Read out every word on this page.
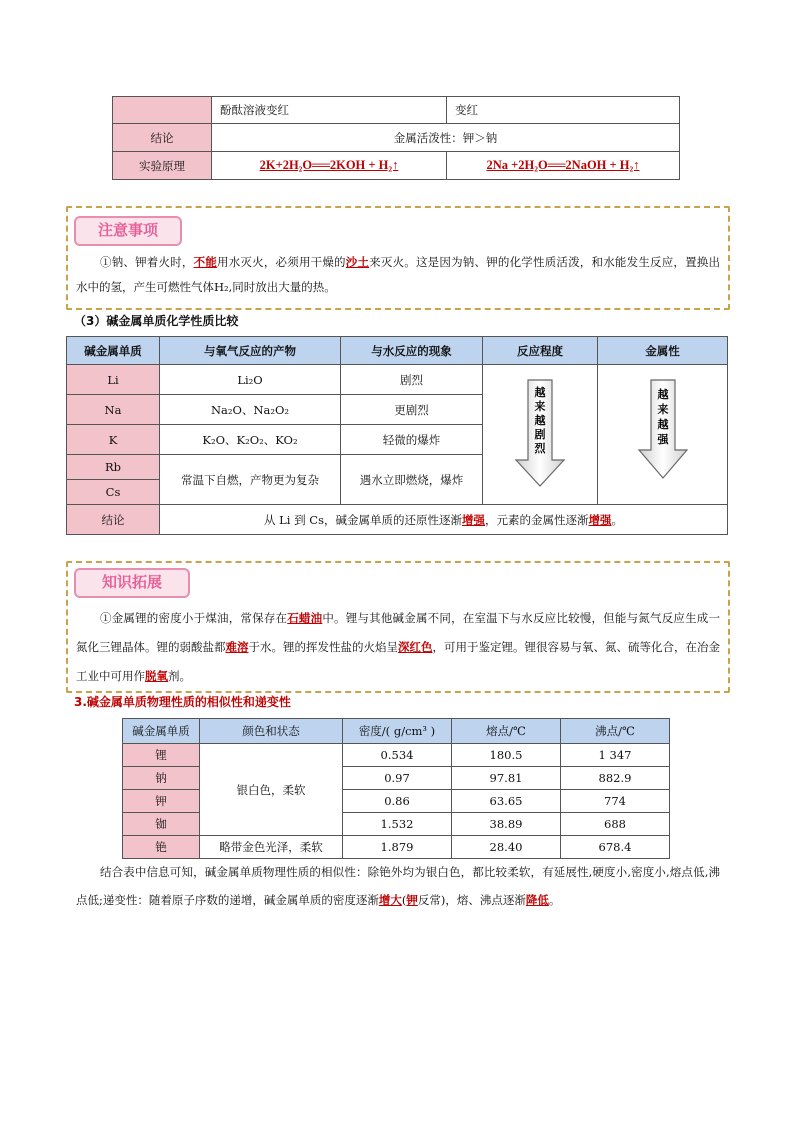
	酚酞溶液变红	变红
结论	金属活泼性：钾＞钠	
实验原理	2K+2H₂O══2KOH + H₂↑	2Na +2H₂O══2NaOH + H₂↑
注意事项
①钠、钾着火时，不能用水灭火，必须用干燥的沙土来灭火。这是因为钠、钾的化学性质活泼，和水能发生反应，置换出水中的氢，产生可燃性气体H₂,同时放出大量的热。
（3）碱金属单质化学性质比较
碱金属单质	与氧气反应的产物	与水反应的现象	反应程度	金属性
Li	Li₂O	剧烈	越来越剧烈	越来越强

Na	Na₂O、Na₂O₂	更剧烈		
K	K₂O、K₂O₂、KO₂	轻微的爆炸		
Rb	常温下自燃，产物更为复杂	遇水立即燃烧，爆炸		
Cs				
结论	从 Li 到 Cs，碱金属单质的还原性逐渐增强，元素的金属性逐渐增强。			
知识拓展
①金属锂的密度小于煤油，常保存在石蜡油中。锂与其他碱金属不同，在室温下与水反应比较慢，但能与氮气反应生成一氮化三锂晶体。锂的弱酸盐都难溶于水。锂的挥发性盐的火焰呈深红色，可用于鉴定锂。锂很容易与氧、氮、硫等化合，在冶金工业中可用作脱氧剂。
3.碱金属单质物理性质的相似性和递变性
碱金属单质	颜色和状态	密度/( g/cm³ )	熔点/℃	沸点/℃
锂	银白色，柔软	0.534	180.5	1 347
钠		0.97	97.81	882.9
钾		0.86	63.65	774
铷		1.532	38.89	688
铯	略带金色光泽，柔软	1.879	28.40	678.4
结合表中信息可知，碱金属单质物理性质的相似性：除铯外均为银白色，都比较柔软，有延展性,硬度小,密度小,熔点低,沸点低;递变性：随着原子序数的递增，碱金属单质的密度逐渐增大(钾反常)，熔、沸点逐渐降低。
